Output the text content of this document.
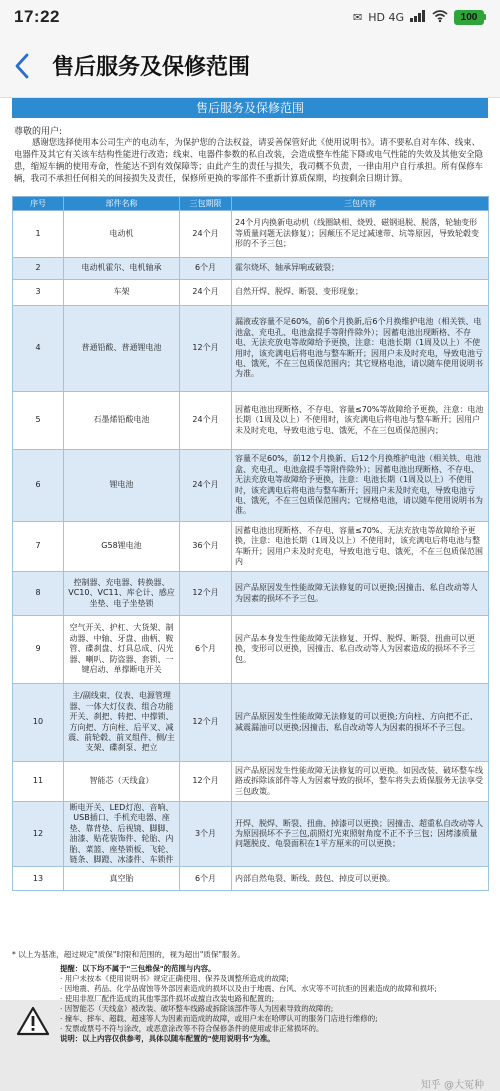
17:22	✉ HD 4G	100
售后服务及保修范围
售后服务及保修范围
尊敬的用户:
感谢您选择使用本公司生产的电动车，为保护您的合法权益，请妥善保管好此《使用说明书》。请不要私自对车体、线束、电器件及其它有关该车结构性能进行改造；线束、电器件参数的私自改装，会造成整车性能下降或电气性能的失效及其他安全隐患，缩短车辆的使用寿命，性能达不到有效保障等；由此产生的责任与损失，我司概不负责，一律由用户自行承担。所有保修车辆，我司不承担任何相关的间接损失及责任，保修所更换的零部件不重新计算质保期，均按剩余日期计算。
序号	部件名称	三包期限	三包内容
1	电动机	24个月	24个月内换新电动机（线圈缺相、烧毁、磁钢退脱、脱落，轮轴变形等质量问题无法修复）；因颠压不足过减速带、坑等原因，导致轮毂变形的不予三包；
2	电动机霍尔、电机轴承	6个月	霍尔烧坏、轴承异响或破裂；
3	车架	24个月	自然开焊、脱焊、断裂、变形现象；
4	普通铅酸、普通锂电池	12个月	漏液或容量不足60%，前6个月换新,后6个月换维护电池（相关铁、电池盒、充电孔、电池盒提手等附件除外）；因蓄电池出现断格、不存电、无法充放电等故障给予更换，注意：电池长期（1周及以上）不使用时，该充满电后将电池与整车断开；因用户未及时充电，导致电池亏电、饿死，不在三包质保范围内；其它规格电池，请以随车使用说明书为准。
5	石墨烯铅酸电池	24个月	因蓄电池出现断格、不存电、容量≤70%等故障给予更换，注意：电池长期（1周及以上）不使用时，该充满电后将电池与整车断开；因用户未及时充电，导致电池亏电、饿死，不在三包质保范围内；
6	锂电池	24个月	容量不足60%，前12个月换新、后12个月换维护电池（相关铁、电池盒、充电孔、电池盒提手等附件除外）；因蓄电池出现断格、不存电、无法充放电等故障给予更换，注意：电池长期（1周及以上）不使用时，该充满电后将电池与整车断开；因用户未及时充电，导致电池亏电、饿死，不在三包质保范围内；它规格电池，请以随车使用说明书为准。
7	G58锂电池	36个月	因蓄电池出现断格、不存电、容量≤70%、无法充放电等故障给予更换，注意：电池长期（1周及以上）不使用时，该充满电后将电池与整车断开；因用户未及时充电，导致电池亏电、饿死，不在三包质保范围内
8	控制器、充电器、转换器、VC10、VC11、库仑计、感应坐垫、电子坐垫锁	12个月	因产品原因发生性能故障无法修复的可以更换;因撞击、私自改动等人为因素的损坏不予三包。
9	空气开关、护杠、大货架、制动器、中轴、牙盘、曲柄、鞍管、碟刹盘、灯具总成、闪光器、喇叭、防盗器、套锁、一键启动、单撑断电开关	6个月	因产品本身发生性能故障无法修复、开焊、脱焊、断裂、扭曲可以更换，变形可以更换，因撞击、私自改动等人为因素造成的损坏不予三包。
10	主/副线束、仪表、电源管理器、一体大灯仪表、组合功能开关、刹把、转把、中撑锁、方向把、方向柱、后平叉、减震、前轮毂、前叉组件、侧/主支架、碟刹泵、把立	12个月	因产品原因发生性能故障无法修复的可以更换;方向柱、方向把不正、减震漏油可以更换;因撞击、私自改动等人为因素的损坏不予三包。
11	智能芯（天线盒）	12个月	因产品原因发生性能故障无法修复的可以更换。如因改装、破坏整车线路或拆除该部件等人为因素导致的损坏，整车将失去质保服务无法享受三包政策。
12	断电开关、LED灯泡、音响、USB插口、手机充电器、座垫、靠背垫、后视镜、脚脚、油漆、贴花装饰件、轮胎、内胎、菜篮、座垫锁板、飞轮、链条、脚蹬、冰漆件、车锁件	3个月	开焊、脱焊、断裂、扭曲、掉漆可以更换；因撞击、超重私自改动等人为原因损坏不予三包,前照灯光束照射角度不正不予三包；因烤漆质量问题脱皮、龟裂面积在1平方厘米的可以更换；
13	真空胎	6个月	内部自然龟裂、断线、鼓包、掉皮可以更换。
* 以上为基准，超过规定"质保"时限和范围的，视为超出"质保"服务。
提醒：以下均不属于"三包维保"的范围与内容。
· 用户未按本《使用说明书》规定正确使用、保养及调整所造成的故障;
· 因地震、药品、化学品腐蚀等外部因素造成的损坏以及由于地震、台风、水灾等不可抗拒的因素造成的故障和损坏;
· 使用非原厂配件造成的其他零部件损坏或擅自改装电路和配置的;
· 因智能芯（天线盒）被改装、破坏整车线路或拆除该部件等人为因素导致的故障的;
· 撞车、摔车、超载、超速等人为因素而造成的故障，或用户未在哈啰认可的服务门店进行维修的;
· 发票或票号不符与涂改，或恶意涂改等不符合保修条件的使用或非正常损坏的。
说明：以上内容仅供参考，具体以随车配置的"使用说明书"为准。
知乎 @大冤种
